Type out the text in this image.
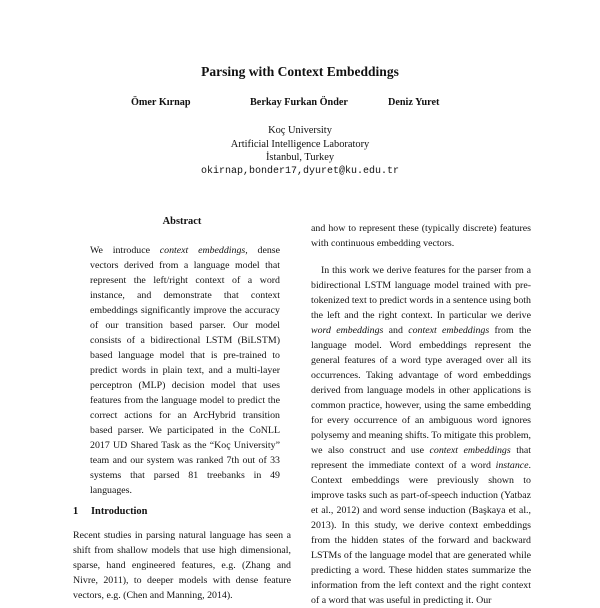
Parsing with Context Embeddings
Ömer Kırnap	Berkay Furkan Önder	Deniz Yuret
Koç University
Artificial Intelligence Laboratory
İstanbul, Turkey
okirnap,bonder17,dyuret@ku.edu.tr
Abstract
We introduce context embeddings, dense vectors derived from a language model that represent the left/right context of a word instance, and demonstrate that context embeddings significantly improve the accuracy of our transition based parser. Our model consists of a bidirectional LSTM (BiLSTM) based language model that is pre-trained to predict words in plain text, and a multi-layer perceptron (MLP) decision model that uses features from the language model to predict the correct actions for an ArcHybrid transition based parser. We participated in the CoNLL 2017 UD Shared Task as the “Koç University” team and our system was ranked 7th out of 33 systems that parsed 81 treebanks in 49 languages.
1 Introduction
Recent studies in parsing natural language has seen a shift from shallow models that use high dimensional, sparse, hand engineered features, e.g. (Zhang and Nivre, 2011), to deeper models with dense feature vectors, e.g. (Chen and Manning, 2014).
and how to represent these (typically discrete) features with continuous embedding vectors.
In this work we derive features for the parser from a bidirectional LSTM language model trained with pre-tokenized text to predict words in a sentence using both the left and the right context. In particular we derive word embeddings and context embeddings from the language model. Word embeddings represent the general features of a word type averaged over all its occurrences. Taking advantage of word embeddings derived from language models in other applications is common practice, however, using the same embedding for every occurrence of an ambiguous word ignores polysemy and meaning shifts. To mitigate this problem, we also construct and use context embeddings that represent the immediate context of a word instance. Context embeddings were previously shown to improve tasks such as part-of-speech induction (Yatbaz et al., 2012) and word sense induction (Başkaya et al., 2013). In this study, we derive context embeddings from the hidden states of the forward and backward LSTMs of the language model that are generated while predicting a word. These hidden states summarize the information from the left context and the right context of a word that was useful in predicting it. Our
